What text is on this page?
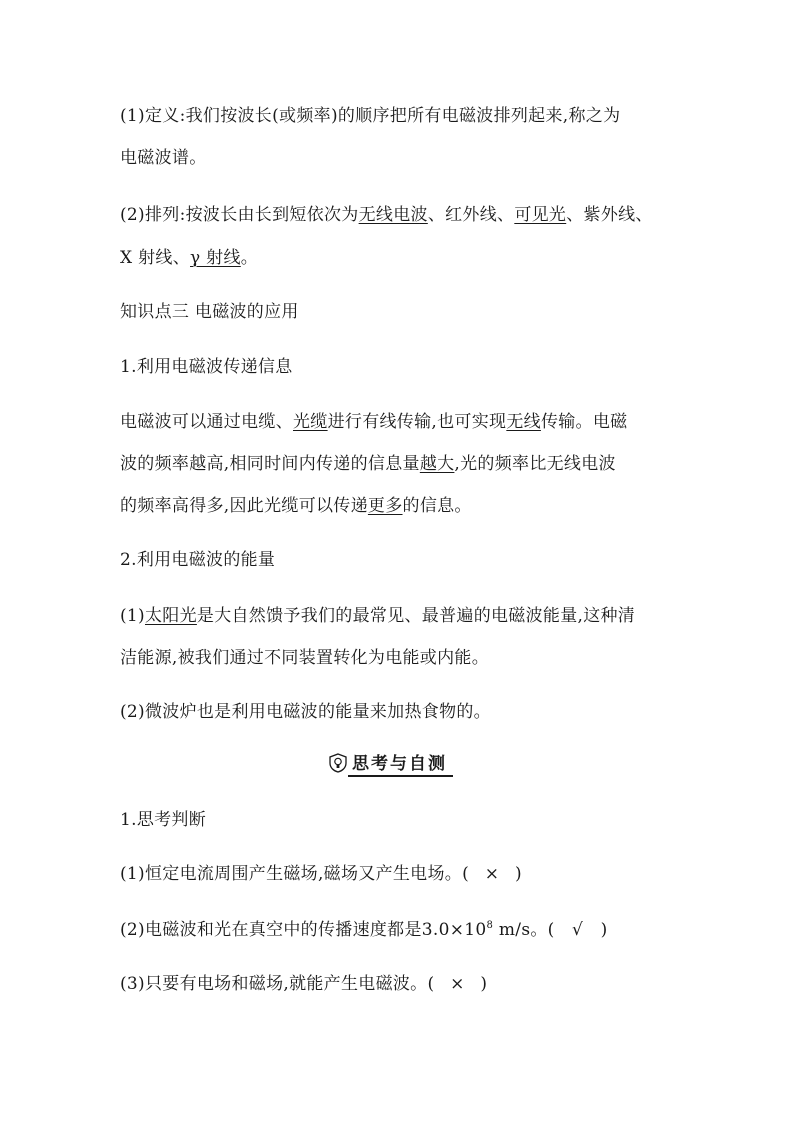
(1)定义:我们按波长(或频率)的顺序把所有电磁波排列起来,称之为
电磁波谱。
(2)排列:按波长由长到短依次为无线电波、红外线、可见光、紫外线、
X 射线、γ 射线。
知识点三 电磁波的应用
1.利用电磁波传递信息
电磁波可以通过电缆、光缆进行有线传输,也可实现无线传输。电磁
波的频率越高,相同时间内传递的信息量越大,光的频率比无线电波
的频率高得多,因此光缆可以传递更多的信息。
2.利用电磁波的能量
(1)太阳光是大自然馈予我们的最常见、最普遍的电磁波能量,这种清
洁能源,被我们通过不同装置转化为电能或内能。
(2)微波炉也是利用电磁波的能量来加热食物的。
思考与自测
1.思考判断
(1)恒定电流周围产生磁场,磁场又产生电场。( × )
(2)电磁波和光在真空中的传播速度都是$3.0\times 10^8$ m/s。( √ )
(3)只要有电场和磁场,就能产生电磁波。( × )
